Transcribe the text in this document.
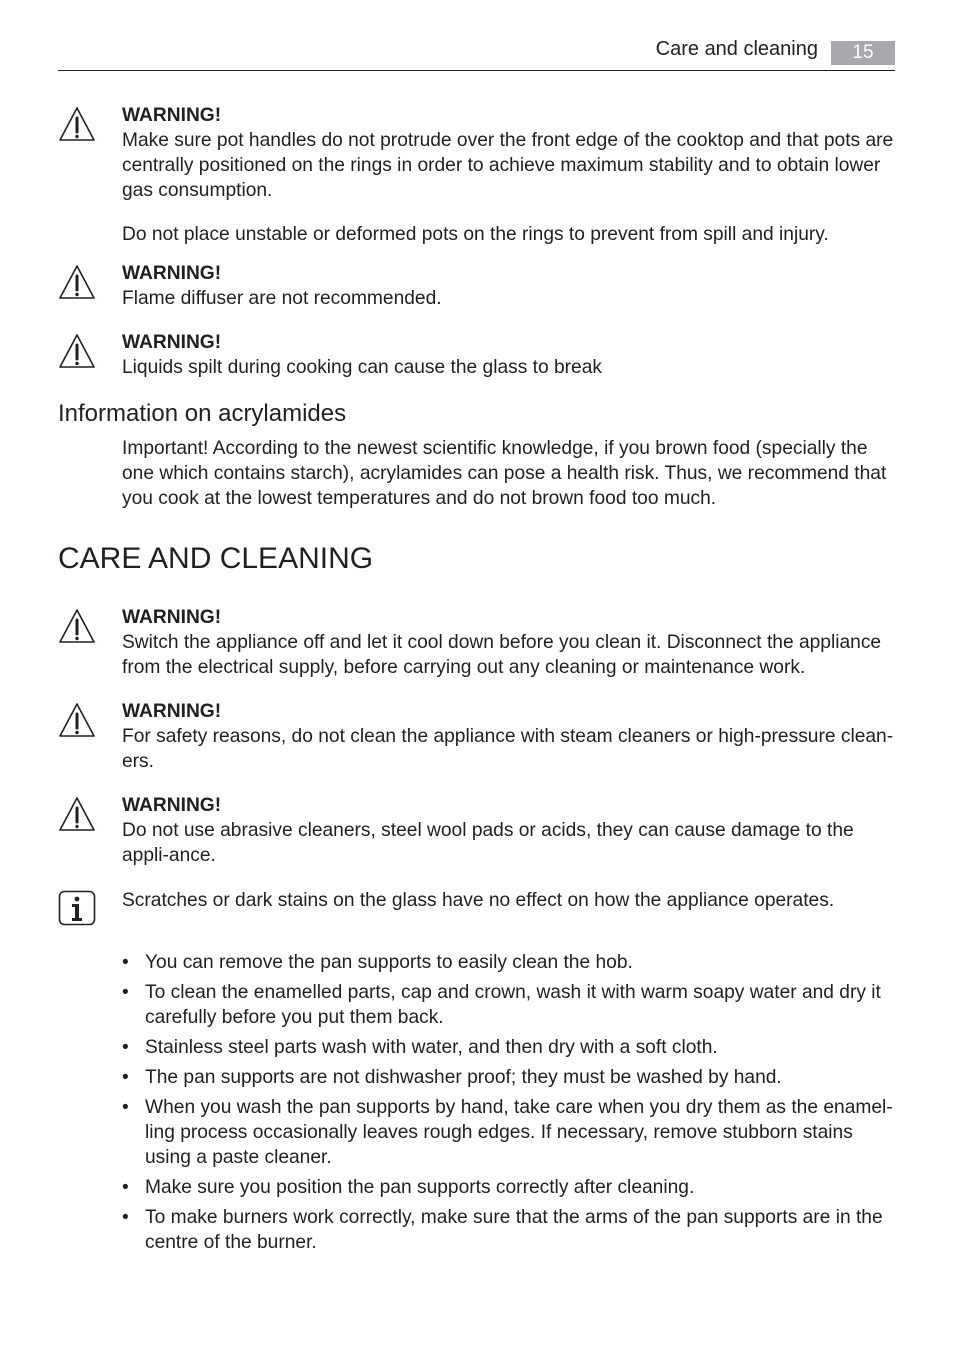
Care and cleaning	15

WARNING!

Make sure pot handles do not protrude over the front edge of the cooktop and that pots are centrally positioned on the rings in order to achieve maximum stability and to obtain lower gas consumption.

Do not place unstable or deformed pots on the rings to prevent from spill and injury.

WARNING!

Flame diffuser are not recommended.

WARNING!

Liquids spilt during cooking can cause the glass to break

Information on acrylamides

Important! According to the newest scientific knowledge, if you brown food (specially the one which contains starch), acrylamides can pose a health risk. Thus, we recommend that you cook at the lowest temperatures and do not brown food too much.

CARE AND CLEANING

WARNING!

Switch the appliance off and let it cool down before you clean it. Disconnect the appliance from the electrical supply, before carrying out any cleaning or maintenance work.

WARNING!

For safety reasons, do not clean the appliance with steam cleaners or high-pressure clean-ers.

WARNING!

Do not use abrasive cleaners, steel wool pads or acids, they can cause damage to the appli-ance.

Scratches or dark stains on the glass have no effect on how the appliance operates.
• You can remove the pan supports to easily clean the hob.
• To clean the enamelled parts, cap and crown, wash it with warm soapy water and dry it carefully before you put them back.
• Stainless steel parts wash with water, and then dry with a soft cloth.
• The pan supports are not dishwasher proof; they must be washed by hand.
• When you wash the pan supports by hand, take care when you dry them as the enamel-ling process occasionally leaves rough edges. If necessary, remove stubborn stains using a paste cleaner.
• Make sure you position the pan supports correctly after cleaning.
• To make burners work correctly, make sure that the arms of the pan supports are in the centre of the burner.
